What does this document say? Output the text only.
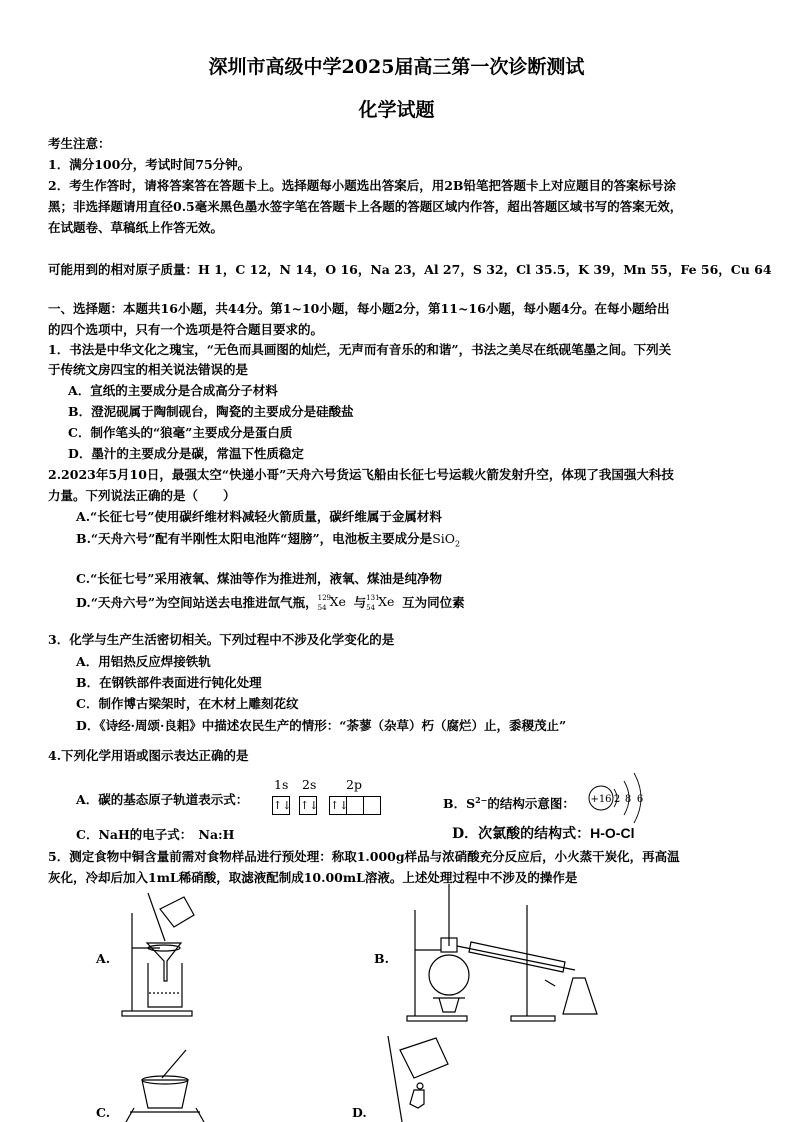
深圳市高级中学2025届高三第一次诊断测试
化学试题
考生注意：
1．满分100分，考试时间75分钟。
2．考生作答时，请将答案答在答题卡上。选择题每小题选出答案后，用2B铅笔把答题卡上对应题目的答案标号涂
黑；非选择题请用直径0.5毫米黑色墨水签字笔在答题卡上各题的答题区域内作答，超出答题区域书写的答案无效，
在试题卷、草稿纸上作答无效。
可能用到的相对原子质量：H 1，C 12，N 14，O 16，Na 23，Al 27，S 32，Cl 35.5，K 39，Mn 55，Fe 56，Cu 64
一、选择题：本题共16小题，共44分。第1~10小题，每小题2分，第11~16小题，每小题4分。在每小题给出
的四个选项中，只有一个选项是符合题目要求的。
1．书法是中华文化之瑰宝，“无色而具画图的灿烂，无声而有音乐的和谐”，书法之美尽在纸砚笔墨之间。下列关
于传统文房四宝的相关说法错误的是
A．宣纸的主要成分是合成高分子材料
B．澄泥砚属于陶制砚台，陶瓷的主要成分是硅酸盐
C．制作笔头的“狼毫”主要成分是蛋白质
D．墨汁的主要成分是碳，常温下性质稳定
2.2023年5月10日，最强太空“快递小哥”天舟六号货运飞船由长征七号运载火箭发射升空，体现了我国强大科技
力量。下列说法正确的是（　　）
A.“长征七号”使用碳纤维材料减轻火箭质量，碳纤维属于金属材料
B.“天舟六号”配有半刚性太阳电池阵“翅膀”，电池板主要成分是SiO$_2$
C.“长征七号”采用液氧、煤油等作为推进剂，液氧、煤油是纯净物
D.“天舟六号”为空间站送去电推进氙气瓶， 129
54 Xe 与 131
54 Xe 互为同位素
3．化学与生产生活密切相关。下列过程中不涉及化学变化的是
A．用铝热反应焊接铁轨
B．在钢铁部件表面进行钝化处理
C．制作博古梁架时，在木材上雕刻花纹
D．《诗经·周颂·良耜》中描述农民生产的情形：“荼蓼（杂草）朽（腐烂）止，黍稷茂止”
4.下列化学用语或图示表达正确的是
A．碳的基态原子轨道表示式：
1s 2s 2p
↑↓ ↑↓ ↑↓	B．$S^{2-}$的结构示意图： +16 2 8 6
C．NaH的电子式：　Na:H	D．次氯酸的结构式：H-O-Cl
5．测定食物中铜含量前需对食物样品进行预处理：称取1.000g样品与浓硝酸充分反应后，小火蒸干炭化，再高温
灰化，冷却后加入1mL稀硝酸，取滤液配制成10.00mL溶液。上述处理过程中不涉及的操作是
A.	B.
C.	D.
